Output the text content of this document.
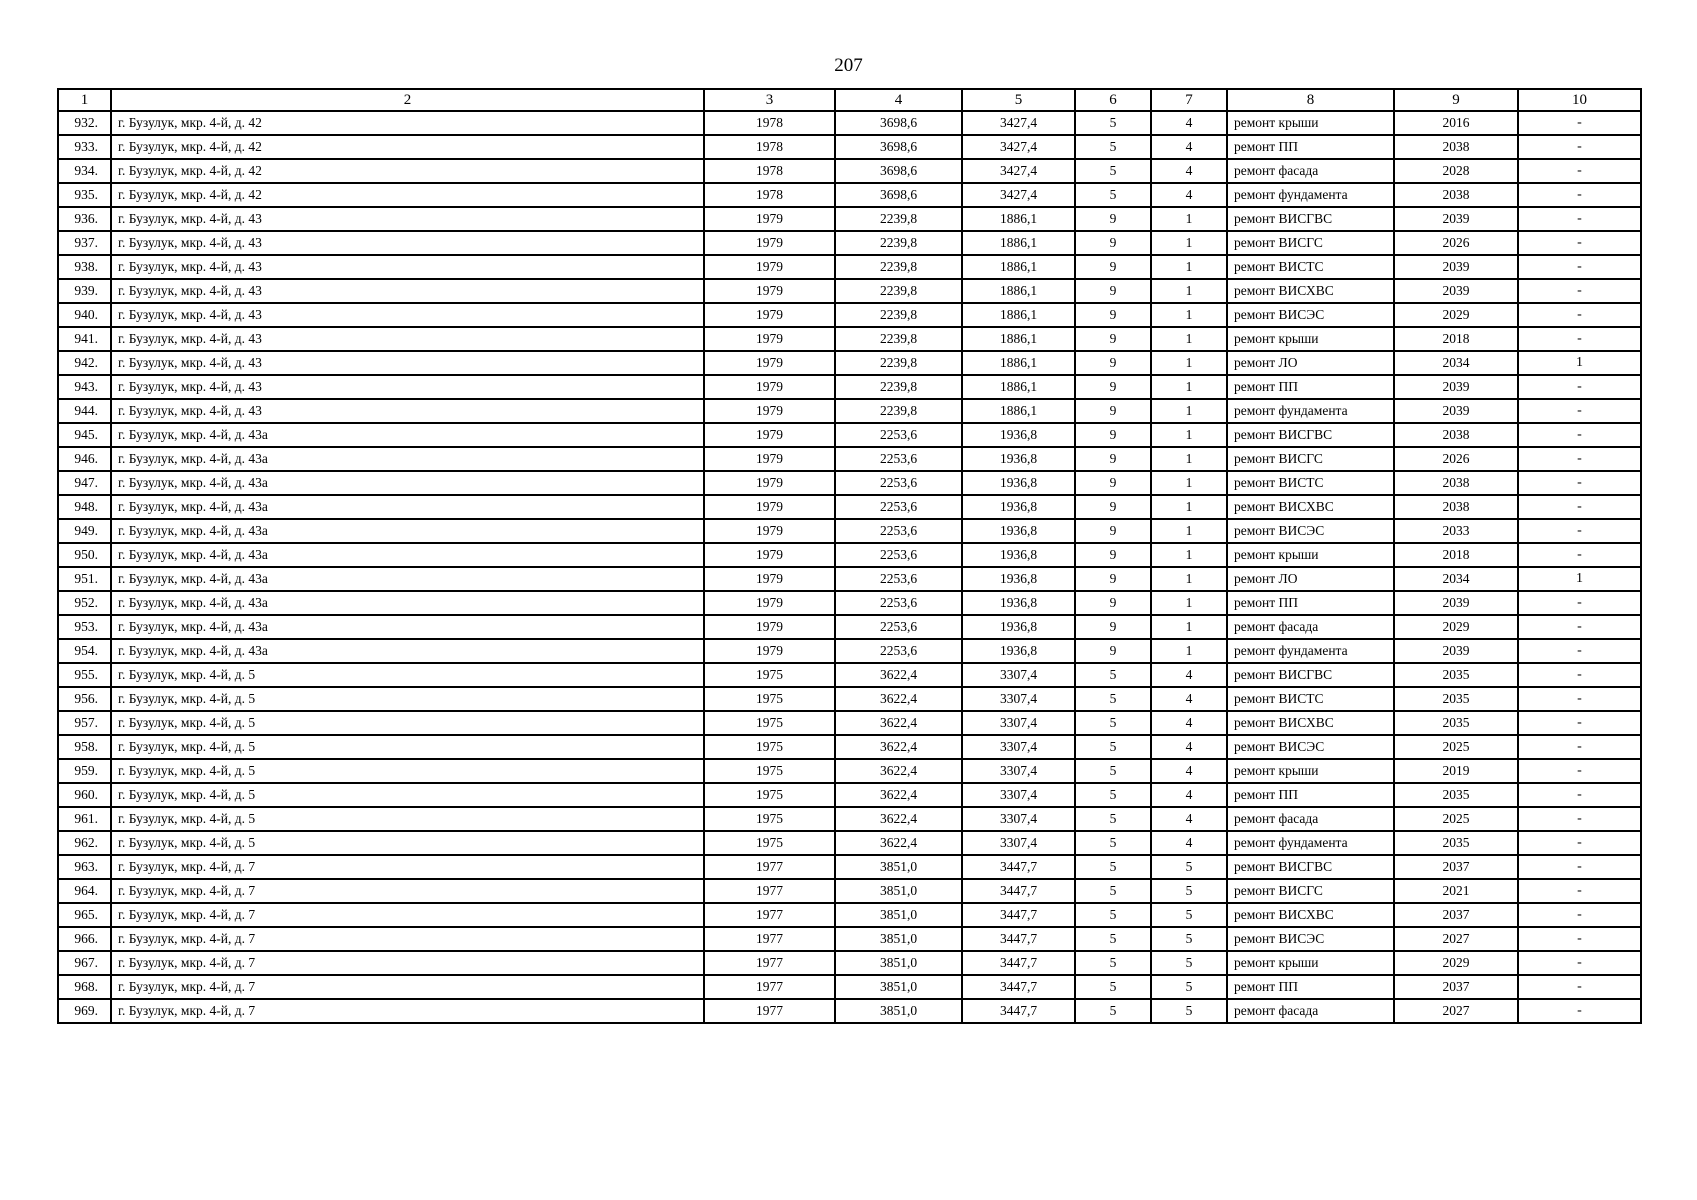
207
1	2	3	4	5	6	7	8	9	10
932.	г. Бузулук, мкр. 4-й, д. 42	1978	3698,6	3427,4	5	4	ремонт крыши	2016	-
933.	г. Бузулук, мкр. 4-й, д. 42	1978	3698,6	3427,4	5	4	ремонт ПП	2038	-
934.	г. Бузулук, мкр. 4-й, д. 42	1978	3698,6	3427,4	5	4	ремонт фасада	2028	-
935.	г. Бузулук, мкр. 4-й, д. 42	1978	3698,6	3427,4	5	4	ремонт фундамента	2038	-
936.	г. Бузулук, мкр. 4-й, д. 43	1979	2239,8	1886,1	9	1	ремонт ВИСГВС	2039	-
937.	г. Бузулук, мкр. 4-й, д. 43	1979	2239,8	1886,1	9	1	ремонт ВИСГС	2026	-
938.	г. Бузулук, мкр. 4-й, д. 43	1979	2239,8	1886,1	9	1	ремонт ВИСТС	2039	-
939.	г. Бузулук, мкр. 4-й, д. 43	1979	2239,8	1886,1	9	1	ремонт ВИСХВС	2039	-
940.	г. Бузулук, мкр. 4-й, д. 43	1979	2239,8	1886,1	9	1	ремонт ВИСЭС	2029	-
941.	г. Бузулук, мкр. 4-й, д. 43	1979	2239,8	1886,1	9	1	ремонт крыши	2018	-
942.	г. Бузулук, мкр. 4-й, д. 43	1979	2239,8	1886,1	9	1	ремонт ЛО	2034	1
943.	г. Бузулук, мкр. 4-й, д. 43	1979	2239,8	1886,1	9	1	ремонт ПП	2039	-
944.	г. Бузулук, мкр. 4-й, д. 43	1979	2239,8	1886,1	9	1	ремонт фундамента	2039	-
945.	г. Бузулук, мкр. 4-й, д. 43а	1979	2253,6	1936,8	9	1	ремонт ВИСГВС	2038	-
946.	г. Бузулук, мкр. 4-й, д. 43а	1979	2253,6	1936,8	9	1	ремонт ВИСГС	2026	-
947.	г. Бузулук, мкр. 4-й, д. 43а	1979	2253,6	1936,8	9	1	ремонт ВИСТС	2038	-
948.	г. Бузулук, мкр. 4-й, д. 43а	1979	2253,6	1936,8	9	1	ремонт ВИСХВС	2038	-
949.	г. Бузулук, мкр. 4-й, д. 43а	1979	2253,6	1936,8	9	1	ремонт ВИСЭС	2033	-
950.	г. Бузулук, мкр. 4-й, д. 43а	1979	2253,6	1936,8	9	1	ремонт крыши	2018	-
951.	г. Бузулук, мкр. 4-й, д. 43а	1979	2253,6	1936,8	9	1	ремонт ЛО	2034	1
952.	г. Бузулук, мкр. 4-й, д. 43а	1979	2253,6	1936,8	9	1	ремонт ПП	2039	-
953.	г. Бузулук, мкр. 4-й, д. 43а	1979	2253,6	1936,8	9	1	ремонт фасада	2029	-
954.	г. Бузулук, мкр. 4-й, д. 43а	1979	2253,6	1936,8	9	1	ремонт фундамента	2039	-
955.	г. Бузулук, мкр. 4-й, д. 5	1975	3622,4	3307,4	5	4	ремонт ВИСГВС	2035	-
956.	г. Бузулук, мкр. 4-й, д. 5	1975	3622,4	3307,4	5	4	ремонт ВИСТС	2035	-
957.	г. Бузулук, мкр. 4-й, д. 5	1975	3622,4	3307,4	5	4	ремонт ВИСХВС	2035	-
958.	г. Бузулук, мкр. 4-й, д. 5	1975	3622,4	3307,4	5	4	ремонт ВИСЭС	2025	-
959.	г. Бузулук, мкр. 4-й, д. 5	1975	3622,4	3307,4	5	4	ремонт крыши	2019	-
960.	г. Бузулук, мкр. 4-й, д. 5	1975	3622,4	3307,4	5	4	ремонт ПП	2035	-
961.	г. Бузулук, мкр. 4-й, д. 5	1975	3622,4	3307,4	5	4	ремонт фасада	2025	-
962.	г. Бузулук, мкр. 4-й, д. 5	1975	3622,4	3307,4	5	4	ремонт фундамента	2035	-
963.	г. Бузулук, мкр. 4-й, д. 7	1977	3851,0	3447,7	5	5	ремонт ВИСГВС	2037	-
964.	г. Бузулук, мкр. 4-й, д. 7	1977	3851,0	3447,7	5	5	ремонт ВИСГС	2021	-
965.	г. Бузулук, мкр. 4-й, д. 7	1977	3851,0	3447,7	5	5	ремонт ВИСХВС	2037	-
966.	г. Бузулук, мкр. 4-й, д. 7	1977	3851,0	3447,7	5	5	ремонт ВИСЭС	2027	-
967.	г. Бузулук, мкр. 4-й, д. 7	1977	3851,0	3447,7	5	5	ремонт крыши	2029	-
968.	г. Бузулук, мкр. 4-й, д. 7	1977	3851,0	3447,7	5	5	ремонт ПП	2037	-
969.	г. Бузулук, мкр. 4-й, д. 7	1977	3851,0	3447,7	5	5	ремонт фасада	2027	-
